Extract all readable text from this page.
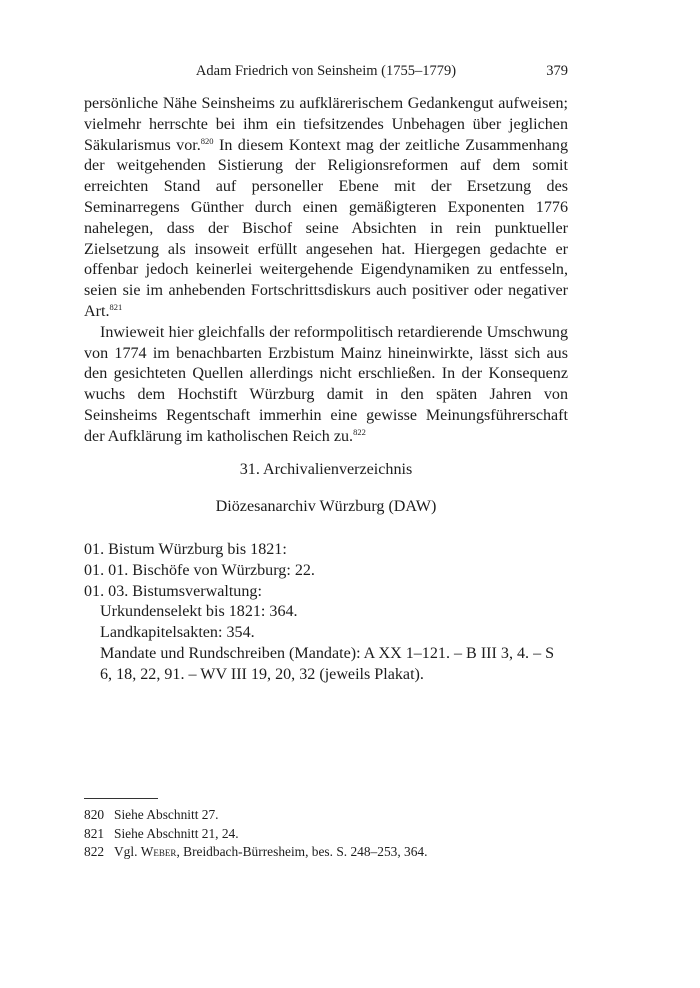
Adam Friedrich von Seinsheim (1755–1779)	379

persönliche Nähe Seinsheims zu aufklärerischem Gedankengut aufweisen; vielmehr herrschte bei ihm ein tiefsitzendes Unbehagen über jeglichen Säkularismus vor.$^{820}$ In diesem Kontext mag der zeitliche Zusammenhang der weitgehenden Sistierung der Religionsreformen auf dem somit erreichten Stand auf personeller Ebene mit der Ersetzung des Seminarregens Günther durch einen gemäßigteren Exponenten 1776 nahelegen, dass der Bischof seine Absichten in rein punktueller Zielsetzung als insoweit erfüllt angesehen hat. Hiergegen gedachte er offenbar jedoch keinerlei weitergehende Eigendynamiken zu entfesseln, seien sie im anhebenden Fortschrittsdiskurs auch positiver oder negativer Art.$^{821}$

Inwieweit hier gleichfalls der reformpolitisch retardierende Umschwung von 1774 im benachbarten Erzbistum Mainz hineinwirkte, lässt sich aus den gesichteten Quellen allerdings nicht erschließen. In der Konsequenz wuchs dem Hochstift Würzburg damit in den späten Jahren von Seinsheims Regentschaft immerhin eine gewisse Meinungsführerschaft der Aufklärung im katholischen Reich zu.$^{822}$

31. Archivalienverzeichnis
Diözesanarchiv Würzburg (DAW)
01. Bistum Würzburg bis 1821:
01. 01. Bischöfe von Würzburg: 22.
01. 03. Bistumsverwaltung:
Urkundenselekt bis 1821: 364.
Landkapitelsakten: 354.
Mandate und Rundschreiben (Mandate): A XX 1–121. – B III 3, 4. – S 6, 18, 22, 91. – WV III 19, 20, 32 (jeweils Plakat).
820 Siehe Abschnitt 27.
821 Siehe Abschnitt 21, 24.
822 Vgl. Weber, Breidbach-Bürresheim, bes. S. 248–253, 364.
